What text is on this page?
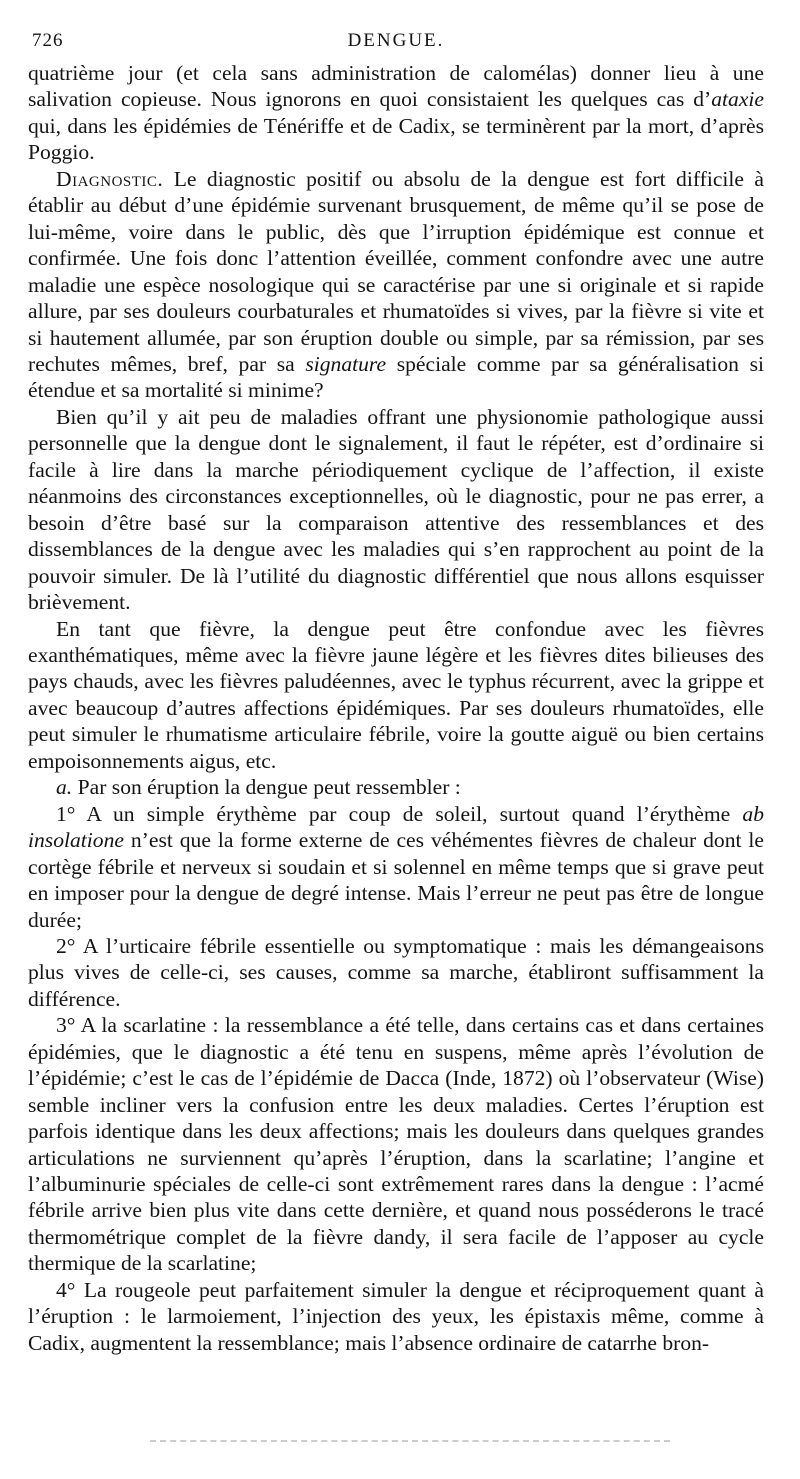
726	DENGUE.

quatrième jour (et cela sans administration de calomélas) donner lieu à une salivation copieuse. Nous ignorons en quoi consistaient les quelques cas d’ataxie qui, dans les épidémies de Ténériffe et de Cadix, se terminèrent par la mort, d’après Poggio.

Diagnostic. Le diagnostic positif ou absolu de la dengue est fort difficile à établir au début d’une épidémie survenant brusquement, de même qu’il se pose de lui-même, voire dans le public, dès que l’irruption épidémique est connue et confirmée. Une fois donc l’attention éveillée, comment confondre avec une autre maladie une espèce nosologique qui se caractérise par une si originale et si rapide allure, par ses douleurs courbaturales et rhumatoïdes si vives, par la fièvre si vite et si hautement allumée, par son éruption double ou simple, par sa rémission, par ses rechutes mêmes, bref, par sa signature spéciale comme par sa généralisation si étendue et sa mortalité si minime?

Bien qu’il y ait peu de maladies offrant une physionomie pathologique aussi personnelle que la dengue dont le signalement, il faut le répéter, est d’ordinaire si facile à lire dans la marche périodiquement cyclique de l’affection, il existe néanmoins des circonstances exceptionnelles, où le diagnostic, pour ne pas errer, a besoin d’être basé sur la comparaison attentive des ressemblances et des dissemblances de la dengue avec les maladies qui s’en rapprochent au point de la pouvoir simuler. De là l’utilité du diagnostic différentiel que nous allons esquisser brièvement.

En tant que fièvre, la dengue peut être confondue avec les fièvres exanthématiques, même avec la fièvre jaune légère et les fièvres dites bilieuses des pays chauds, avec les fièvres paludéennes, avec le typhus récurrent, avec la grippe et avec beaucoup d’autres affections épidémiques. Par ses douleurs rhumatoïdes, elle peut simuler le rhumatisme articulaire fébrile, voire la goutte aiguë ou bien certains empoisonnements aigus, etc.

a. Par son éruption la dengue peut ressembler :

1° A un simple érythème par coup de soleil, surtout quand l’érythème ab insolatione n’est que la forme externe de ces véhémentes fièvres de chaleur dont le cortège fébrile et nerveux si soudain et si solennel en même temps que si grave peut en imposer pour la dengue de degré intense. Mais l’erreur ne peut pas être de longue durée;

2° A l’urticaire fébrile essentielle ou symptomatique : mais les démangeaisons plus vives de celle-ci, ses causes, comme sa marche, établiront suffisamment la différence.

3° A la scarlatine : la ressemblance a été telle, dans certains cas et dans certaines épidémies, que le diagnostic a été tenu en suspens, même après l’évolution de l’épidémie; c’est le cas de l’épidémie de Dacca (Inde, 1872) où l’observateur (Wise) semble incliner vers la confusion entre les deux maladies. Certes l’éruption est parfois identique dans les deux affections; mais les douleurs dans quelques grandes articulations ne surviennent qu’après l’éruption, dans la scarlatine; l’angine et l’albuminurie spéciales de celle-ci sont extrêmement rares dans la dengue : l’acmé fébrile arrive bien plus vite dans cette dernière, et quand nous posséderons le tracé thermométrique complet de la fièvre dandy, il sera facile de l’apposer au cycle thermique de la scarlatine;

4° La rougeole peut parfaitement simuler la dengue et réciproquement quant à l’éruption : le larmoiement, l’injection des yeux, les épistaxis même, comme à Cadix, augmentent la ressemblance; mais l’absence ordinaire de catarrhe bron-
